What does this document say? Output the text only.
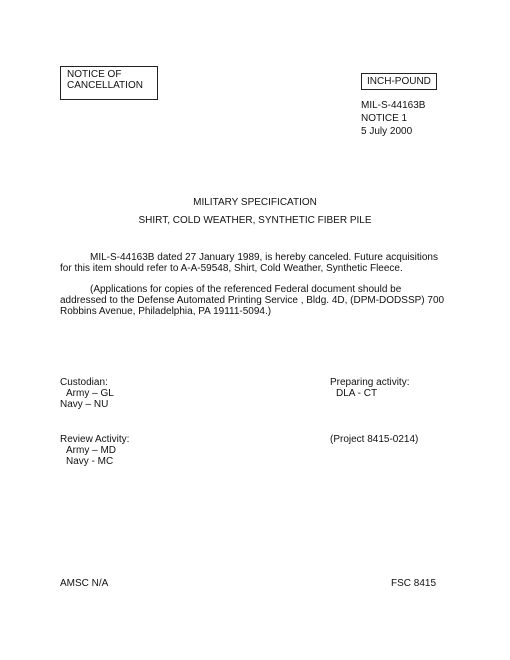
NOTICE OF
CANCELLATION	INCH-POUND
MIL-S-44163B
NOTICE 1
5 July 2000
MILITARY SPECIFICATION
SHIRT, COLD WEATHER, SYNTHETIC FIBER PILE

MIL-S-44163B dated 27 January 1989, is hereby canceled. Future acquisitions for this item should refer to A-A-59548, Shirt, Cold Weather, Synthetic Fleece.

(Applications for copies of the referenced Federal document should be addressed to the Defense Automated Printing Service , Bldg. 4D, (DPM-DODSSP) 700 Robbins Avenue, Philadelphia, PA 19111-5094.)

Custodian:
Army – GL
Navy – NU
Preparing activity:
DLA - CT
Review Activity:
Army – MD
Navy - MC
(Project 8415-0214)
AMSC N/A	FSC 8415
